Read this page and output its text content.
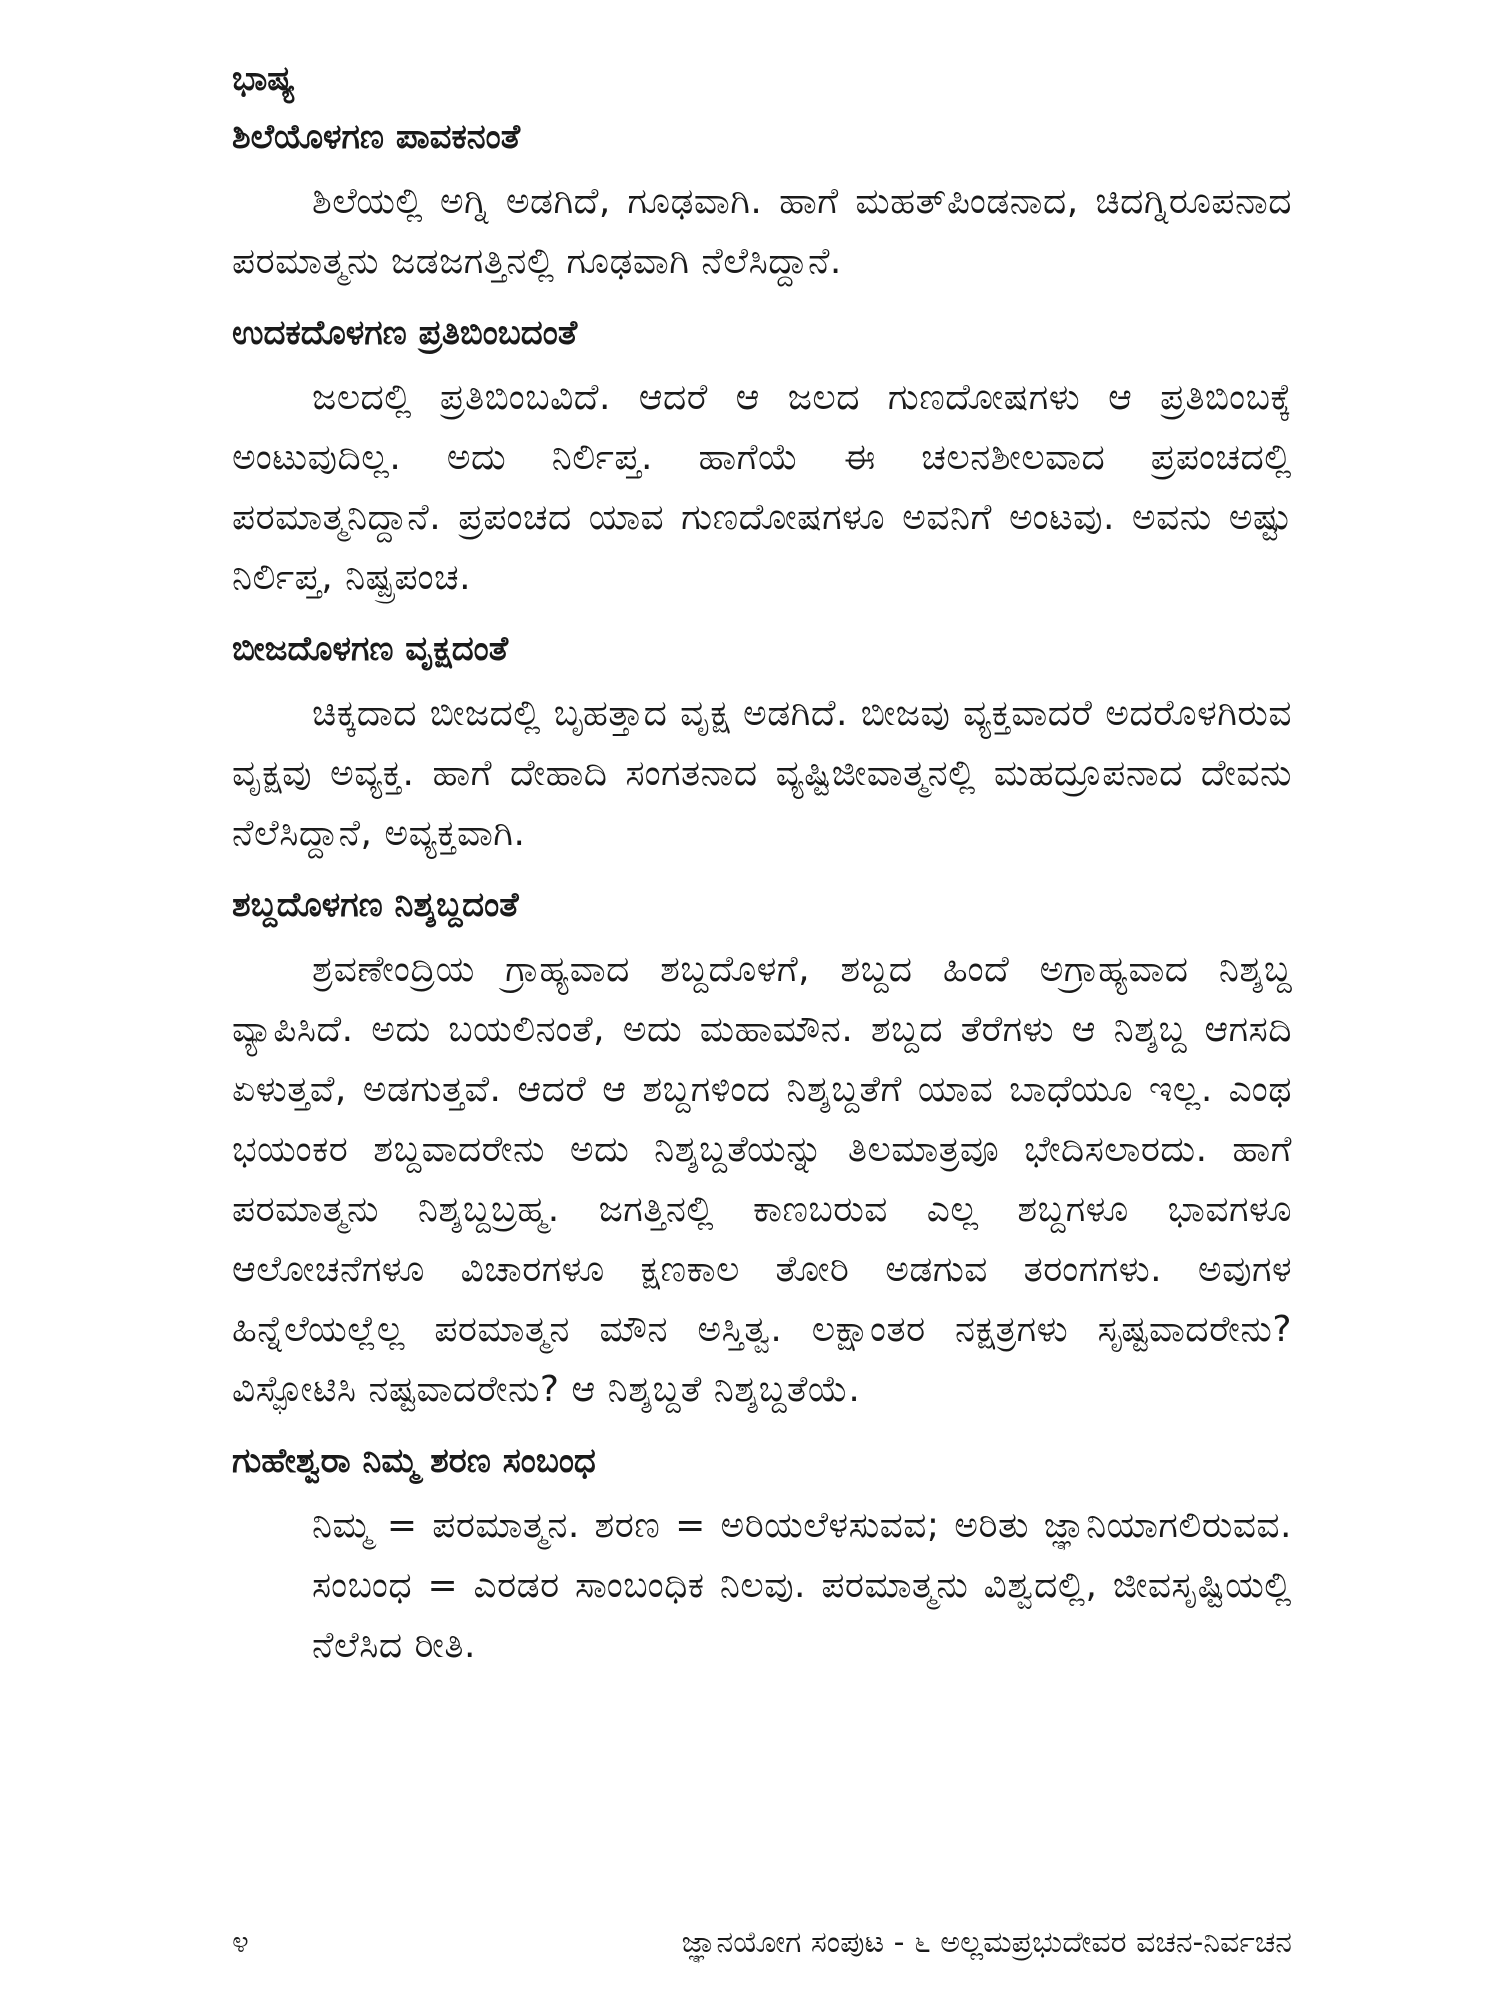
ಭಾಷ್ಯ
ಶಿಲೆಯೊಳಗಣ ಪಾವಕನಂತೆ

ಶಿಲೆಯಲ್ಲಿ ಅಗ್ನಿ ಅಡಗಿದೆ, ಗೂಢವಾಗಿ. ಹಾಗೆ ಮಹತ್‌ಪಿಂಡನಾದ, ಚಿದಗ್ನಿರೂಪನಾದ ಪರಮಾತ್ಮನು ಜಡಜಗತ್ತಿನಲ್ಲಿ ಗೂಢವಾಗಿ ನೆಲೆಸಿದ್ದಾನೆ.

ಉದಕದೊಳಗಣ ಪ್ರತಿಬಿಂಬದಂತೆ

ಜಲದಲ್ಲಿ ಪ್ರತಿಬಿಂಬವಿದೆ. ಆದರೆ ಆ ಜಲದ ಗುಣದೋಷಗಳು ಆ ಪ್ರತಿಬಿಂಬಕ್ಕೆ ಅಂಟುವುದಿಲ್ಲ. ಅದು ನಿರ್ಲಿಪ್ತ. ಹಾಗೆಯೆ ಈ ಚಲನಶೀಲವಾದ ಪ್ರಪಂಚದಲ್ಲಿ ಪರಮಾತ್ಮನಿದ್ದಾನೆ. ಪ್ರಪಂಚದ ಯಾವ ಗುಣದೋಷಗಳೂ ಅವನಿಗೆ ಅಂಟವು. ಅವನು ಅಷ್ಟು ನಿರ್ಲಿಪ್ತ, ನಿಷ್ಪ್ರಪಂಚ.

ಬೀಜದೊಳಗಣ ವೃಕ್ಷದಂತೆ

ಚಿಕ್ಕದಾದ ಬೀಜದಲ್ಲಿ ಬೃಹತ್ತಾದ ವೃಕ್ಷ ಅಡಗಿದೆ. ಬೀಜವು ವ್ಯಕ್ತವಾದರೆ ಅದರೊಳಗಿರುವ ವೃಕ್ಷವು ಅವ್ಯಕ್ತ. ಹಾಗೆ ದೇಹಾದಿ ಸಂಗತನಾದ ವ್ಯಷ್ಟಿಜೀವಾತ್ಮನಲ್ಲಿ ಮಹದ್ರೂಪನಾದ ದೇವನು ನೆಲೆಸಿದ್ದಾನೆ, ಅವ್ಯಕ್ತವಾಗಿ.

ಶಬ್ದದೊಳಗಣ ನಿಶ್ಶಬ್ದದಂತೆ

ಶ್ರವಣೇಂದ್ರಿಯ ಗ್ರಾಹ್ಯವಾದ ಶಬ್ದದೊಳಗೆ, ಶಬ್ದದ ಹಿಂದೆ ಅಗ್ರಾಹ್ಯವಾದ ನಿಶ್ಶಬ್ದ ವ್ಯಾಪಿಸಿದೆ. ಅದು ಬಯಲಿನಂತೆ, ಅದು ಮಹಾಮೌನ. ಶಬ್ದದ ತೆರೆಗಳು ಆ ನಿಶ್ಶಬ್ದ ಆಗಸದಿ ಏಳುತ್ತವೆ, ಅಡಗುತ್ತವೆ. ಆದರೆ ಆ ಶಬ್ದಗಳಿಂದ ನಿಶ್ಶಬ್ದತೆಗೆ ಯಾವ ಬಾಧೆಯೂ ಇಲ್ಲ. ಎಂಥ ಭಯಂಕರ ಶಬ್ದವಾದರೇನು ಅದು ನಿಶ್ಶಬ್ದತೆಯನ್ನು ತಿಲಮಾತ್ರವೂ ಭೇದಿಸಲಾರದು. ಹಾಗೆ ಪರಮಾತ್ಮನು ನಿಶ್ಶಬ್ದಬ್ರಹ್ಮ. ಜಗತ್ತಿನಲ್ಲಿ ಕಾಣಬರುವ ಎಲ್ಲ ಶಬ್ದಗಳೂ ಭಾವಗಳೂ ಆಲೋಚನೆಗಳೂ ವಿಚಾರಗಳೂ ಕ್ಷಣಕಾಲ ತೋರಿ ಅಡಗುವ ತರಂಗಗಳು. ಅವುಗಳ ಹಿನ್ನೆಲೆಯಲ್ಲೆಲ್ಲ ಪರಮಾತ್ಮನ ಮೌನ ಅಸ್ತಿತ್ವ. ಲಕ್ಷಾಂತರ ನಕ್ಷತ್ರಗಳು ಸೃಷ್ಟವಾದರೇನು? ವಿಸ್ಫೋಟಿಸಿ ನಷ್ಟವಾದರೇನು? ಆ ನಿಶ್ಶಬ್ದತೆ ನಿಶ್ಶಬ್ದತೆಯೆ.

ಗುಹೇಶ್ವರಾ ನಿಮ್ಮ ಶರಣ ಸಂಬಂಧ

ನಿಮ್ಮ = ಪರಮಾತ್ಮನ. ಶರಣ = ಅರಿಯಲೆಳಸುವವ; ಅರಿತು ಜ್ಞಾನಿಯಾಗಲಿರುವವ. ಸಂಬಂಧ = ಎರಡರ ಸಾಂಬಂಧಿಕ ನಿಲವು. ಪರಮಾತ್ಮನು ವಿಶ್ವದಲ್ಲಿ, ಜೀವಸೃಷ್ಟಿಯಲ್ಲಿ ನೆಲೆಸಿದ ರೀತಿ.

೪	ಜ್ಞಾನಯೋಗ ಸಂಪುಟ - ೬ ಅಲ್ಲಮಪ್ರಭುದೇವರ ವಚನ-ನಿರ್ವಚನ
